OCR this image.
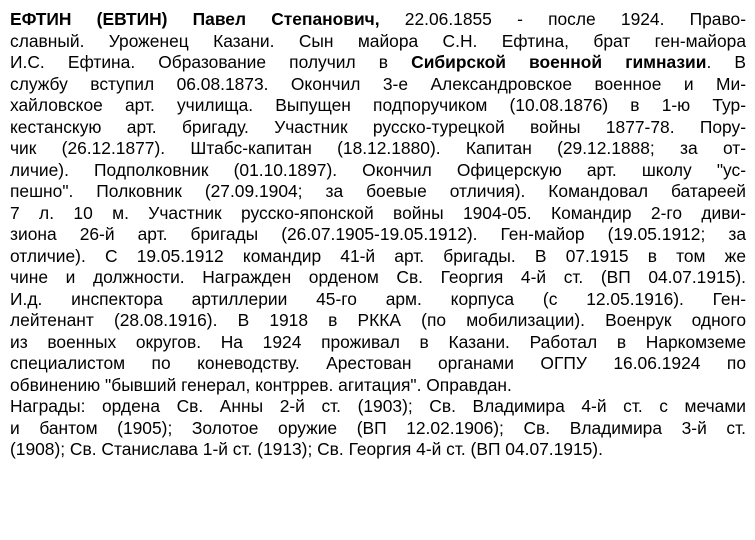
ЕФТИН (ЕВТИН) Павел Степанович, 22.06.1855 - после 1924. Право-
славный. Уроженец Казани. Сын майора С.Н. Ефтина, брат ген-майора
И.С. Ефтина. Образование получил в Сибирской военной гимназии. В
службу вступил 06.08.1873. Окончил 3-е Александровское военное и Ми-
хайловское арт. училища. Выпущен подпоручиком (10.08.1876) в 1-ю Тур-
кестанскую арт. бригаду. Участник русско-турецкой войны 1877-78. Пору-
чик (26.12.1877). Штабс-капитан (18.12.1880). Капитан (29.12.1888; за от-
личие). Подполковник (01.10.1897). Окончил Офицерскую арт. школу "ус-
пешно". Полковник (27.09.1904; за боевые отличия). Командовал батареей
7 л. 10 м. Участник русско-японской войны 1904-05. Командир 2-го диви-
зиона 26-й арт. бригады (26.07.1905-19.05.1912). Ген-майор (19.05.1912; за
отличие). С 19.05.1912 командир 41-й арт. бригады. В 07.1915 в том же
чине и должности. Награжден орденом Св. Георгия 4-й ст. (ВП 04.07.1915).
И.д. инспектора артиллерии 45-го арм. корпуса (с 12.05.1916). Ген-
лейтенант (28.08.1916). В 1918 в РККА (по мобилизации). Военрук одного
из военных округов. На 1924 проживал в Казани. Работал в Наркомземе
специалистом по коневодству. Арестован органами ОГПУ 16.06.1924 по
обвинению "бывший генерал, контррев. агитация". Оправдан.
Награды: ордена Св. Анны 2-й ст. (1903); Св. Владимира 4-й ст. с мечами
и бантом (1905); Золотое оружие (ВП 12.02.1906); Св. Владимира 3-й ст.
(1908); Св. Станислава 1-й ст. (1913); Св. Георгия 4-й ст. (ВП 04.07.1915).
